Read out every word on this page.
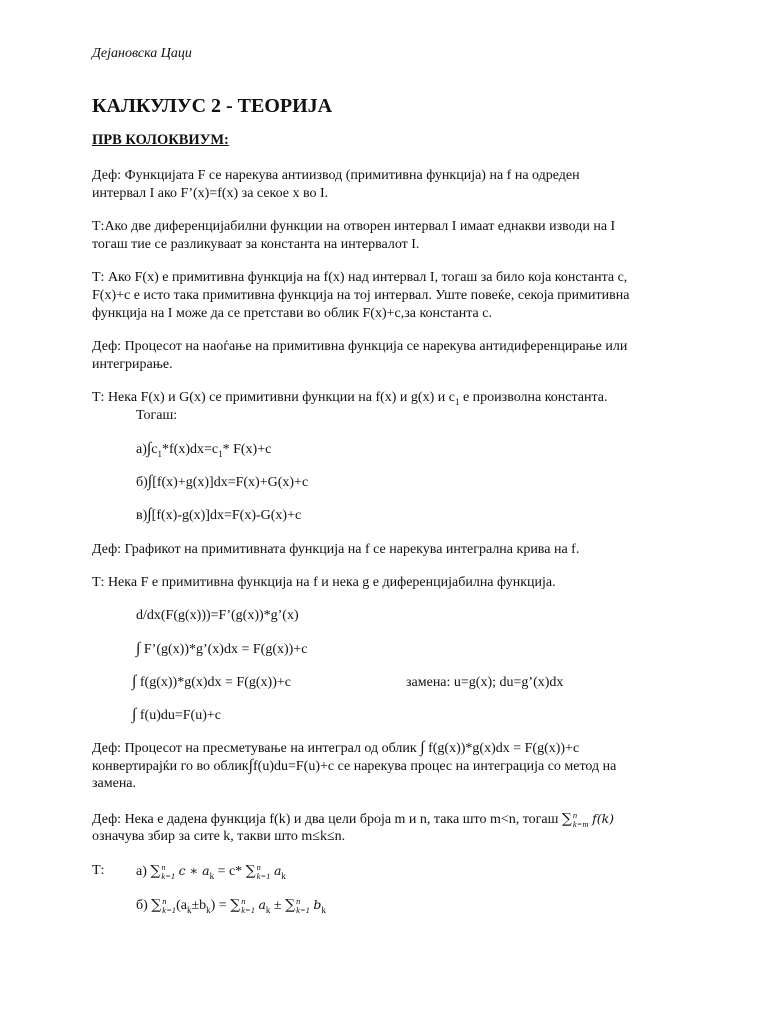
Дејановска Цаци
КАЛКУЛУС 2 - ТЕОРИЈА
ПРВ КОЛОКВИУМ:
Деф: Функцијата F се нарекува антиизвод (примитивна функција) на f на одреден
интервал I ако F’(x)=f(x) за секое x во I.
Т:Ако две диференцијабилни функции на отворен интервал I имаат еднакви изводи на I
тогаш тие се разликуваат за константа на интервалот I.
Т: Ако F(x) е примитивна функција на f(x) над интервал I, тогаш за било која константа c,
F(x)+c е исто така примитивна функција на тој интервал. Уште повеќе, секоја примитивна
функција на I може да се претстави во облик F(x)+c,за константа c.
Деф: Процесот на наоѓање на примитивна функција се нарекува антидиференцирање или
интегрирање.
Т: Нека F(x) и G(x) се примитивни функции на f(x) и g(x) и $c_1$ е произволна константа.
Тогаш:
$а)\int c_1*f(x)dx=c_1*$ F(x)+c
б)∫[f(x)+g(x)]dx=F(x)+G(x)+c
в)∫[f(x)-g(x)]dx=F(x)-G(x)+c
Деф: Графикот на примитивната функција на f се нарекува интегрална крива на f.
Т: Нека F е примитивна функција на f и нека g е диференцијабилна функција.
d/dx(F(g(x)))=F’(g(x))*g’(x)
∫ F’(g(x))*g’(x)dx = F(g(x))+c
∫ f(g(x))*g(x)dx = F(g(x))+c	замена: u=g(x); du=g’(x)dx
∫ f(u)du=F(u)+c
Деф: Процесот на пресметување на интеграл од облик ∫ f(g(x))*g(x)dx = F(g(x))+c
конвертирајќи го во облик∫f(u)du=F(u)+c се нарекува процес на интеграција со метод на
замена.
Деф: Нека е дадена функција f(k) и два цели броја m и n, така што m<n, тогаш ∑ n
k=m f(k)
означува збир за сите k, такви што m≤k≤n.
Т: а) ∑ n
k=1 c ∗ $a_k = c*$ ∑ n
k=1 $a_k$
б) ∑ n
k=1 $(a_k\pm b_k)$ = ∑ n
k=1 $a_k$ ± ∑ n
k=1 $b_k$
